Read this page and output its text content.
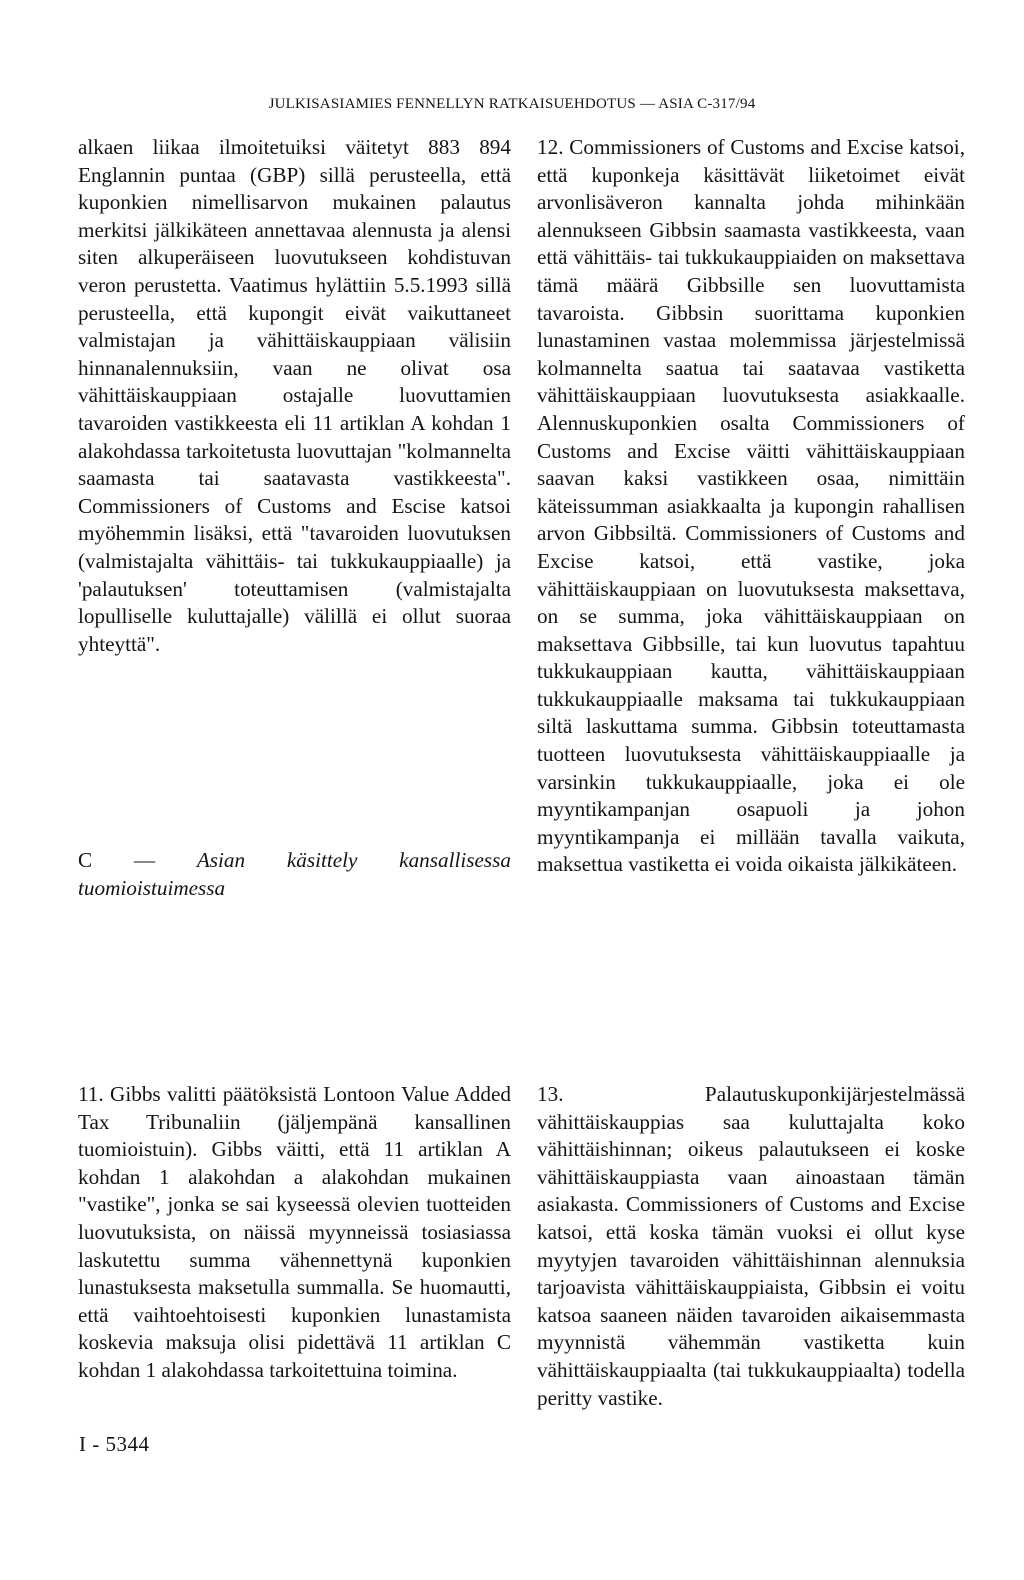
JULKISASIAMIES FENNELLYN RATKAISUEHDOTUS — ASIA C-317/94

alkaen liikaa ilmoitetuiksi väitetyt 883 894 Englannin puntaa (GBP) sillä perusteella, että kuponkien nimellisarvon mukainen palautus merkitsi jälkikäteen annettavaa alennusta ja alensi siten alkuperäiseen luovutukseen kohdistuvan veron perustetta. Vaatimus hylättiin 5.5.1993 sillä perusteella, että kupongit eivät vaikuttaneet valmistajan ja vähittäiskauppiaan välisiin hinnanalennuksiin, vaan ne olivat osa vähittäiskauppiaan ostajalle luovuttamien tavaroiden vastikkeesta eli 11 artiklan A kohdan 1 alakohdassa tarkoitetusta luovuttajan "kolmannelta saamasta tai saatavasta vastikkeesta". Commissioners of Customs and Escise katsoi myöhemmin lisäksi, että "tavaroiden luovutuksen (valmistajalta vähittäis- tai tukkukauppiaalle) ja 'palautuksen' toteuttamisen (valmistajalta lopulliselle kuluttajalle) välillä ei ollut suoraa yhteyttä".

12. Commissioners of Customs and Excise katsoi, että kuponkeja käsittävät liiketoimet eivät arvonlisäveron kannalta johda mihinkään alennukseen Gibbsin saamasta vastikkeesta, vaan että vähittäis- tai tukkukauppiaiden on maksettava tämä määrä Gibbsille sen luovuttamista tavaroista. Gibbsin suorittama kuponkien lunastaminen vastaa molemmissa järjestelmissä kolmannelta saatua tai saatavaa vastiketta vähittäiskauppiaan luovutuksesta asiakkaalle. Alennuskuponkien osalta Commissioners of Customs and Excise väitti vähittäiskauppiaan saavan kaksi vastikkeen osaa, nimittäin käteissumman asiakkaalta ja kupongin rahallisen arvon Gibbsiltä. Commissioners of Customs and Excise katsoi, että vastike, joka vähittäiskauppiaan on luovutuksesta maksettava, on se summa, joka vähittäiskauppiaan on maksettava Gibbsille, tai kun luovutus tapahtuu tukkukauppiaan kautta, vähittäiskauppiaan tukkukauppiaalle maksama tai tukkukauppiaan siltä laskuttama summa. Gibbsin toteuttamasta tuotteen luovutuksesta vähittäiskauppiaalle ja varsinkin tukkukauppiaalle, joka ei ole myyntikampanjan osapuoli ja johon myyntikampanja ei millään tavalla vaikuta, maksettua vastiketta ei voida oikaista jälkikäteen.

C — Asian käsittely kansallisessa tuomioistuimessa

11. Gibbs valitti päätöksistä Lontoon Value Added Tax Tribunaliin (jäljempänä kansallinen tuomioistuin). Gibbs väitti, että 11 artiklan A kohdan 1 alakohdan a alakohdan mukainen "vastike", jonka se sai kyseessä olevien tuotteiden luovutuksista, on näissä myynneissä tosiasiassa laskutettu summa vähennettynä kuponkien lunastuksesta maksetulla summalla. Se huomautti, että vaihtoehtoisesti kuponkien lunastamista koskevia maksuja olisi pidettävä 11 artiklan C kohdan 1 alakohdassa tarkoitettuina toimina.

13. Palautuskuponkijärjestelmässä vähittäiskauppias saa kuluttajalta koko vähittäishinnan; oikeus palautukseen ei koske vähittäiskauppiasta vaan ainoastaan tämän asiakasta. Commissioners of Customs and Excise katsoi, että koska tämän vuoksi ei ollut kyse myytyjen tavaroiden vähittäishinnan alennuksia tarjoavista vähittäiskauppiaista, Gibbsin ei voitu katsoa saaneen näiden tavaroiden aikaisemmasta myynnistä vähemmän vastiketta kuin vähittäiskauppiaalta (tai tukkukauppiaalta) todella peritty vastike.

I - 5344
